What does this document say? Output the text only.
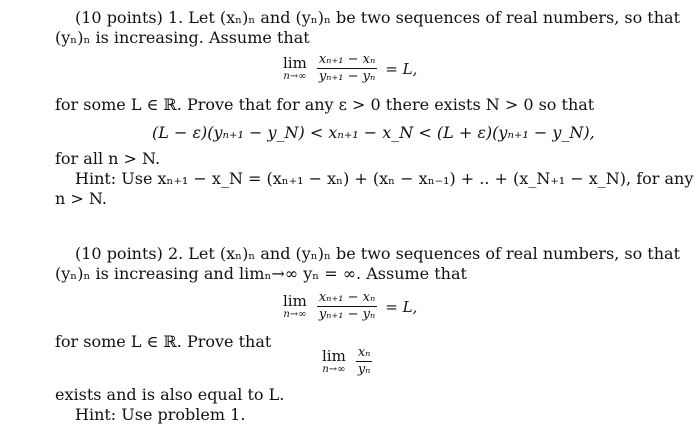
(10 points) 1. Let (xₙ)ₙ and (yₙ)ₙ be two sequences of real numbers, so that
(yₙ)ₙ is increasing. Assume that
lim
$n\to\infty \frac{\text{xₙ₊₁ − xₙ}}{\text{yₙ₊₁ − yₙ}} = L$,
for some L ∈ ℝ. Prove that for any ε > 0 there exists N > 0 so that
(L − ε)(yₙ₊₁ − y_N) < xₙ₊₁ − x_N < (L + ε)(yₙ₊₁ − y_N),
for all n > N.
Hint: Use xₙ₊₁ − x_N = (xₙ₊₁ − xₙ) + (xₙ − xₙ₋₁) + .. + (x_N₊₁ − x_N), for any
n > N.
(10 points) 2. Let (xₙ)ₙ and (yₙ)ₙ be two sequences of real numbers, so that
(yₙ)ₙ is increasing and limₙ→∞ yₙ = ∞. Assume that
lim
$n\to\infty \frac{\text{xₙ₊₁ − xₙ}}{\text{yₙ₊₁ − yₙ}} = L$,
for some L ∈ ℝ. Prove that
lim
$n\to\infty \frac{\text{xₙ}}{\text{yₙ}}$
exists and is also equal to L.
Hint: Use problem 1.
